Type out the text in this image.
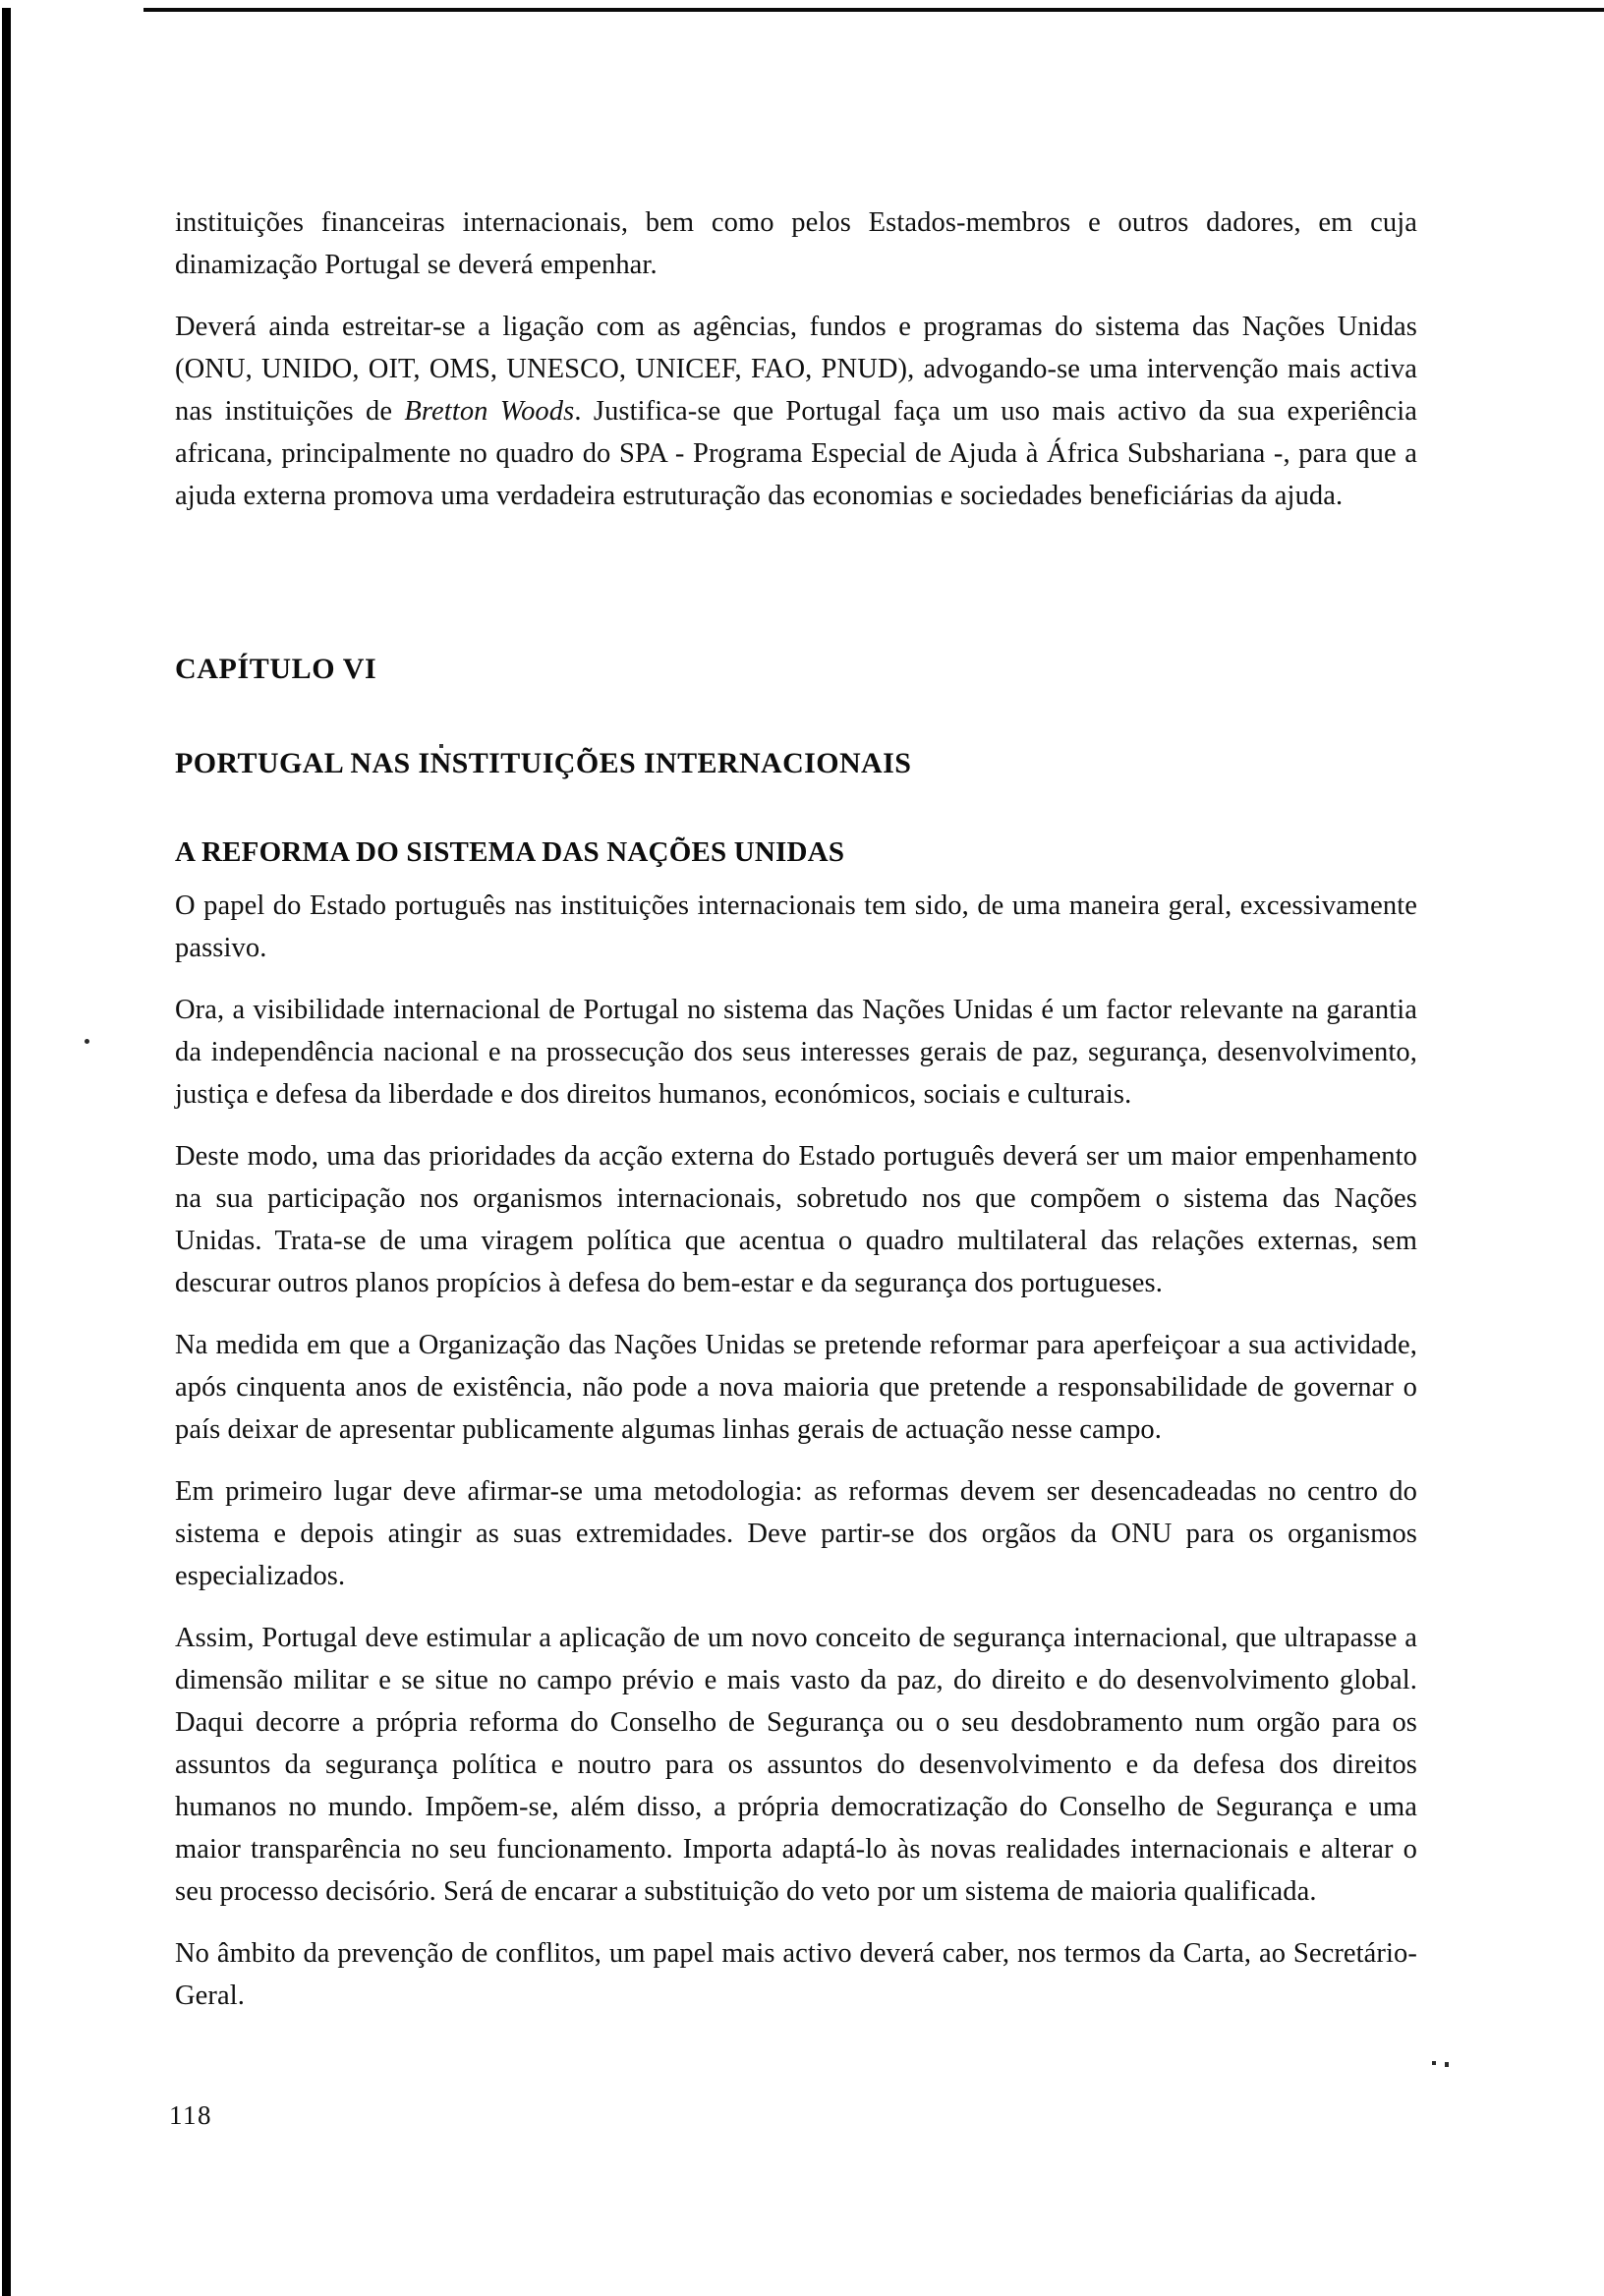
instituições financeiras internacionais, bem como pelos Estados-membros e outros dadores, em cuja dinamização Portugal se deverá empenhar.

Deverá ainda estreitar-se a ligação com as agências, fundos e programas do sistema das Nações Unidas (ONU, UNIDO, OIT, OMS, UNESCO, UNICEF, FAO, PNUD), advogando-se uma intervenção mais activa nas instituições de Bretton Woods. Justifica-se que Portugal faça um uso mais activo da sua experiência africana, principalmente no quadro do SPA - Programa Especial de Ajuda à África Subshariana -, para que a ajuda externa promova uma verdadeira estruturação das economias e sociedades beneficiárias da ajuda.

CAPÍTULO VI
PORTUGAL NAS INSTITUIÇÕES INTERNACIONAIS
A REFORMA DO SISTEMA DAS NAÇÕES UNIDAS

O papel do Estado português nas instituições internacionais tem sido, de uma maneira geral, excessivamente passivo.

Ora, a visibilidade internacional de Portugal no sistema das Nações Unidas é um factor relevante na garantia da independência nacional e na prossecução dos seus interesses gerais de paz, segurança, desenvolvimento, justiça e defesa da liberdade e dos direitos humanos, económicos, sociais e culturais.

Deste modo, uma das prioridades da acção externa do Estado português deverá ser um maior empenhamento na sua participação nos organismos internacionais, sobretudo nos que compõem o sistema das Nações Unidas. Trata-se de uma viragem política que acentua o quadro multilateral das relações externas, sem descurar outros planos propícios à defesa do bem-estar e da segurança dos portugueses.

Na medida em que a Organização das Nações Unidas se pretende reformar para aperfeiçoar a sua actividade, após cinquenta anos de existência, não pode a nova maioria que pretende a responsabilidade de governar o país deixar de apresentar publicamente algumas linhas gerais de actuação nesse campo.

Em primeiro lugar deve afirmar-se uma metodologia: as reformas devem ser desencadeadas no centro do sistema e depois atingir as suas extremidades. Deve partir-se dos orgãos da ONU para os organismos especializados.

Assim, Portugal deve estimular a aplicação de um novo conceito de segurança internacional, que ultrapasse a dimensão militar e se situe no campo prévio e mais vasto da paz, do direito e do desenvolvimento global. Daqui decorre a própria reforma do Conselho de Segurança ou o seu desdobramento num orgão para os assuntos da segurança política e noutro para os assuntos do desenvolvimento e da defesa dos direitos humanos no mundo. Impõem-se, além disso, a própria democratização do Conselho de Segurança e uma maior transparência no seu funcionamento. Importa adaptá-lo às novas realidades internacionais e alterar o seu processo decisório. Será de encarar a substituição do veto por um sistema de maioria qualificada.

No âmbito da prevenção de conflitos, um papel mais activo deverá caber, nos termos da Carta, ao Secretário-Geral.

118
